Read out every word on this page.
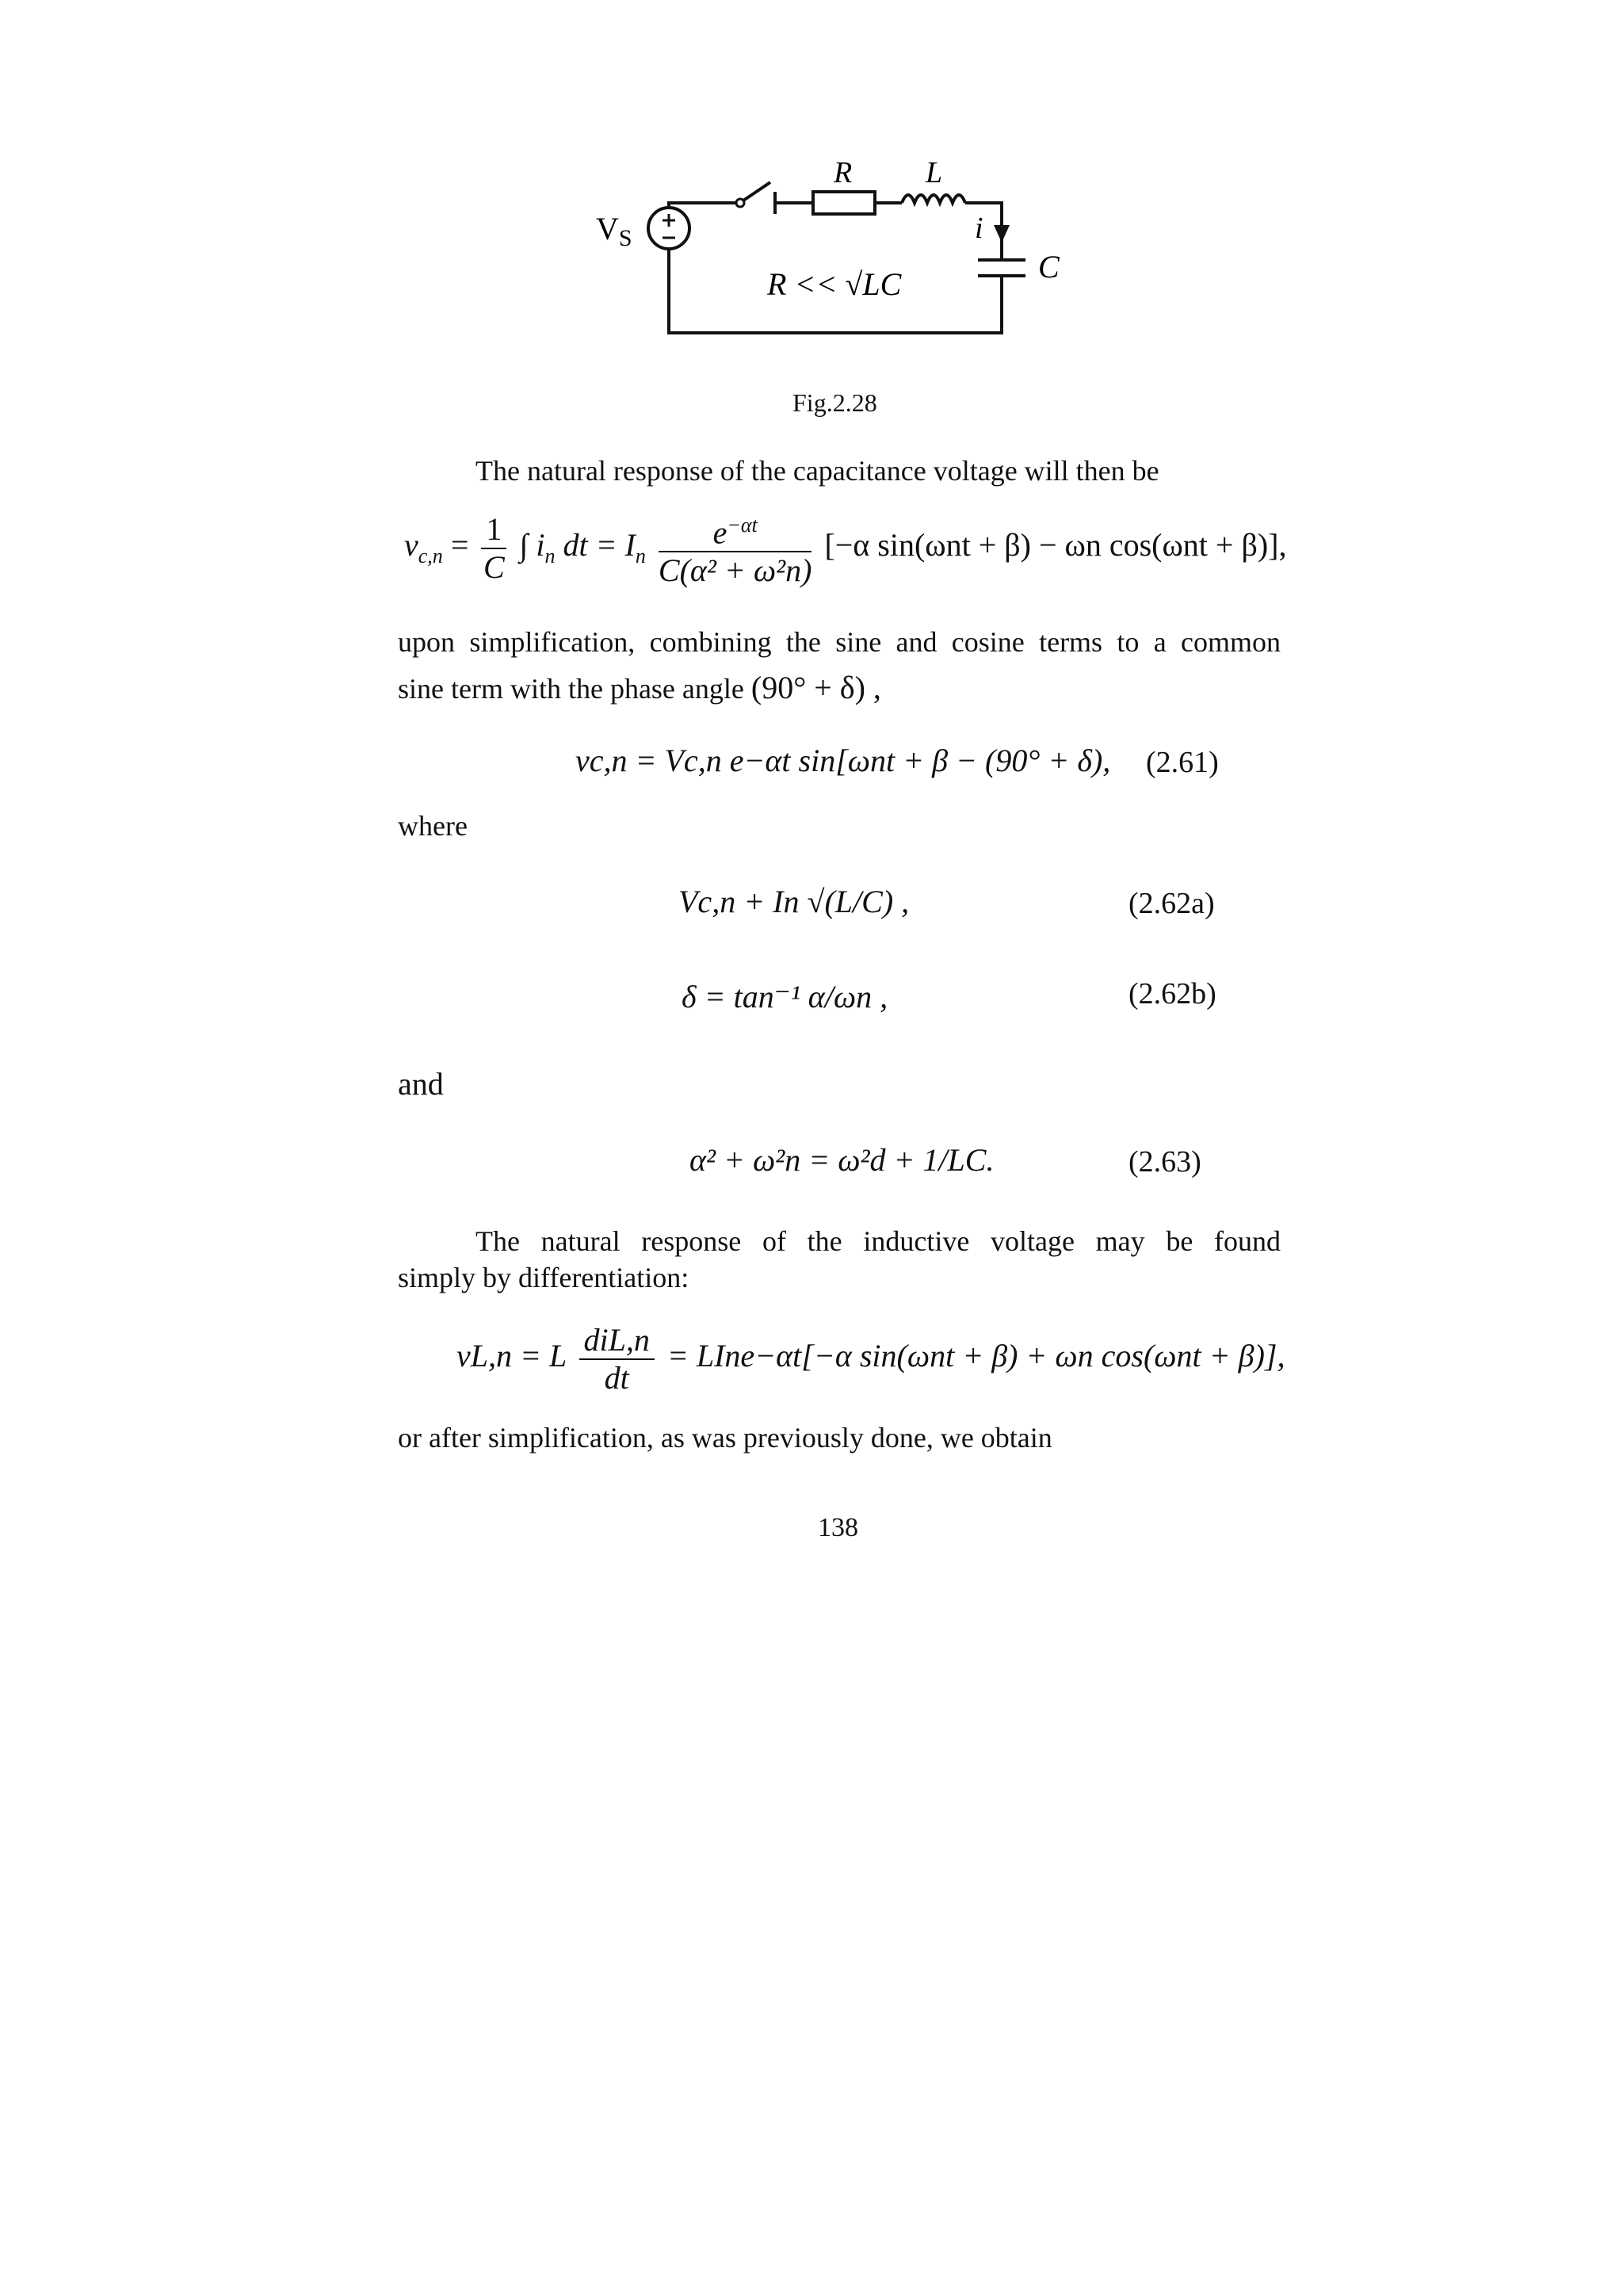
$V_S$
R L
i
C
R << √LC
Fig.2.28
The natural response of the capacitance voltage will then be
$v_{c,n} = \frac{1}{C}$ ∫ $i_n$ dt = $I_n \frac{e^{-\alpha t}}{\text{C(α² + ω²n)}} [-\alpha$ sin(ωnt + β) − ωn cos(ωnt + β)],
upon simplification, combining the sine and cosine terms to a common
sine term with the phase angle (90° + δ) ,
vc,n = Vc,n e−αt sin[ωnt + β − (90° + δ), (2.61)
where
Vc,n + In √(L/C) ,	(2.62a)
δ = tan⁻¹ α/ωn ,	(2.62b)
and
α² + ω²n = ω²d + 1/LC.	(2.63)
The natural response of the inductive voltage may be found
simply by differentiation:
vL,n = L $\frac{\text{diL,n}}{dt}$ = LIne−αt[−α sin(ωnt + β) + ωn cos(ωnt + β)],
or after simplification, as was previously done, we obtain
138
